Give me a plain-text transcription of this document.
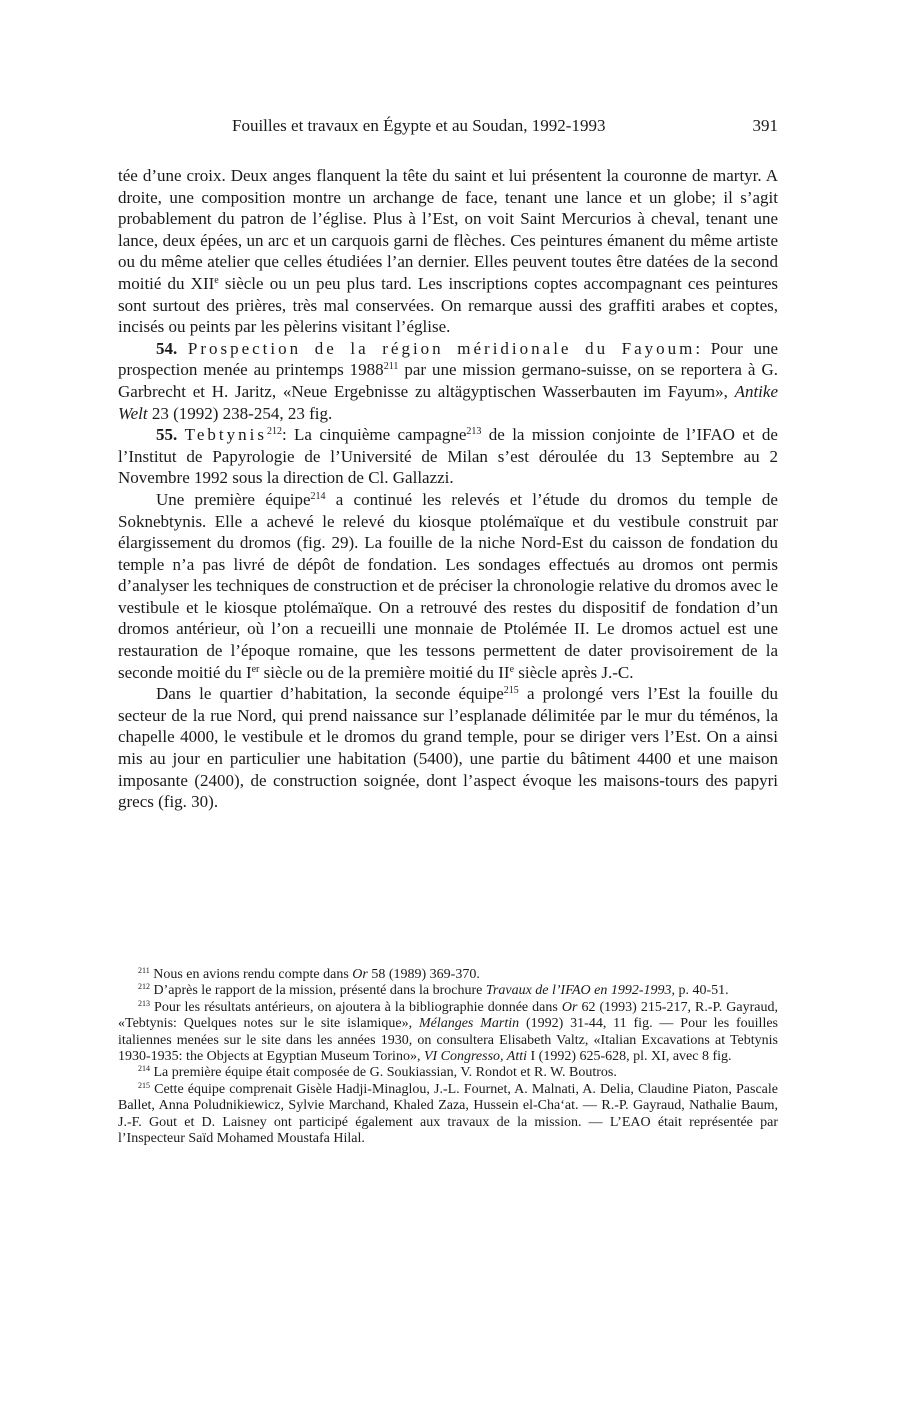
Fouilles et travaux en Égypte et au Soudan, 1992-1993	391

tée d’une croix. Deux anges flanquent la tête du saint et lui présentent la couronne de martyr. A droite, une composition montre un archange de face, tenant une lance et un globe; il s’agit probablement du patron de l’église. Plus à l’Est, on voit Saint Mercurios à cheval, tenant une lance, deux épées, un arc et un carquois garni de flèches. Ces peintures émanent du même artiste ou du même atelier que celles étudiées l’an dernier. Elles peuvent toutes être datées de la second moitié du XIIe siècle ou un peu plus tard. Les inscriptions coptes accompagnant ces peintures sont surtout des prières, très mal conservées. On remarque aussi des graffiti arabes et coptes, incisés ou peints par les pèlerins visitant l’église.

54. Prospection de la région méridionale du Fayoum: Pour une prospection menée au printemps 1988$^{211}$ par une mission germano-suisse, on se reportera à G. Garbrecht et H. Jaritz, «Neue Ergebnisse zu altägyptischen Wasserbauten im Fayum», Antike Welt 23 (1992) 238-254, 23 fig.

55. Tebtynis$^{212}$: La cinquième campagne$^{213}$ de la mission conjointe de l’IFAO et de l’Institut de Papyrologie de l’Université de Milan s’est déroulée du 13 Septembre au 2 Novembre 1992 sous la direction de Cl. Gallazzi.

Une première équipe$^{214}$ a continué les relevés et l’étude du dromos du temple de Soknebtynis. Elle a achevé le relevé du kiosque ptolémaïque et du vestibule construit par élargissement du dromos (fig. 29). La fouille de la niche Nord-Est du caisson de fondation du temple n’a pas livré de dépôt de fondation. Les sondages effectués au dromos ont permis d’analyser les techniques de construction et de préciser la chronologie relative du dromos avec le vestibule et le kiosque ptolémaïque. On a retrouvé des restes du dispositif de fondation d’un dromos antérieur, où l’on a recueilli une monnaie de Ptolémée II. Le dromos actuel est une restauration de l’époque romaine, que les tessons permettent de dater provisoirement de la seconde moitié du Ier siècle ou de la première moitié du IIe siècle après J.-C.

Dans le quartier d’habitation, la seconde équipe$^{215}$ a prolongé vers l’Est la fouille du secteur de la rue Nord, qui prend naissance sur l’esplanade délimitée par le mur du téménos, la chapelle 4000, le vestibule et le dromos du grand temple, pour se diriger vers l’Est. On a ainsi mis au jour en particulier une habitation (5400), une partie du bâtiment 4400 et une maison imposante (2400), de construction soignée, dont l’aspect évoque les maisons-tours des papyri grecs (fig. 30).

$^{211}$ Nous en avions rendu compte dans Or 58 (1989) 369-370.

$^{212}$ D’après le rapport de la mission, présenté dans la brochure Travaux de l’IFAO en 1992-1993, p. 40-51.

$^{213}$ Pour les résultats antérieurs, on ajoutera à la bibliographie donnée dans Or 62 (1993) 215-217, R.-P. Gayraud, «Tebtynis: Quelques notes sur le site islamique», Mélanges Martin (1992) 31-44, 11 fig. — Pour les fouilles italiennes menées sur le site dans les années 1930, on consultera Elisabeth Valtz, «Italian Excavations at Tebtynis 1930-1935: the Objects at Egyptian Museum Torino», VI Congresso, Atti I (1992) 625-628, pl. XI, avec 8 fig.

$^{214}$ La première équipe était composée de G. Soukiassian, V. Rondot et R. W. Boutros.

$^{215}$ Cette équipe comprenait Gisèle Hadji-Minaglou, J.-L. Fournet, A. Malnati, A. Delia, Claudine Piaton, Pascale Ballet, Anna Poludnikiewicz, Sylvie Marchand, Khaled Zaza, Hussein el-Cha‘at. — R.-P. Gayraud, Nathalie Baum, J.-F. Gout et D. Laisney ont participé également aux travaux de la mission. — L’EAO était représentée par l’Inspecteur Saïd Mohamed Moustafa Hilal.
